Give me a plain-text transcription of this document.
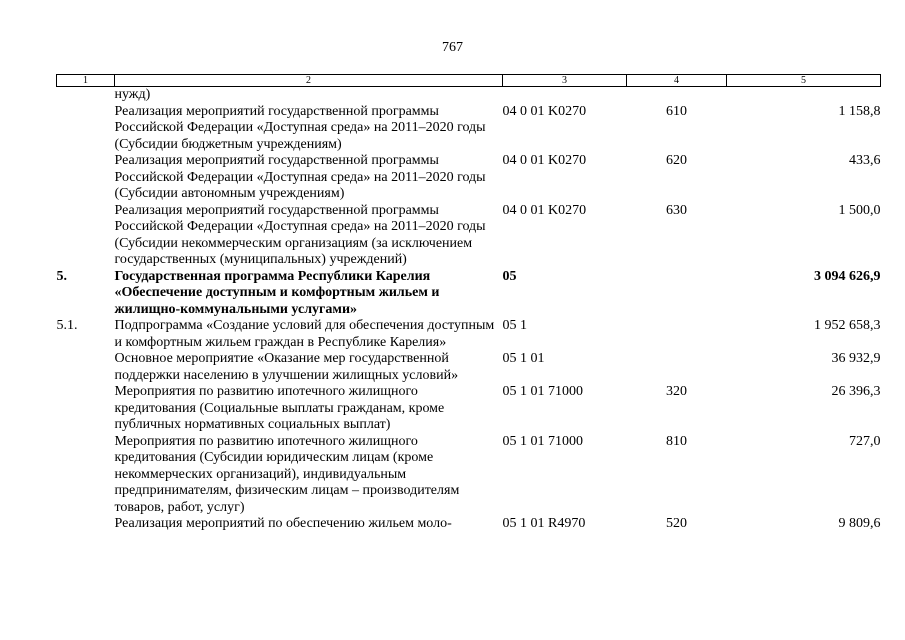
767
1	2	3	4	5
	нужд)			
	Реализация мероприятий государственной программы Российской Федерации «Доступная среда» на 2011–2020 годы (Субсидии бюджетным учреждениям)	04 0 01 K0270	610	1 158,8
	Реализация мероприятий государственной программы Российской Федерации «Доступная среда» на 2011–2020 годы (Субсидии автономным учреждениям)	04 0 01 K0270	620	433,6
	Реализация мероприятий государственной программы Российской Федерации «Доступная среда» на 2011–2020 годы (Субсидии некоммерческим организациям (за исключением государственных (муниципальных) учреждений)	04 0 01 K0270	630	1 500,0
5.	Государственная программа Республики Карелия «Обеспечение доступным и комфортным жильем и жилищно-коммунальными услугами»	05		3 094 626,9
5.1.	Подпрограмма «Создание условий для обеспечения доступным и комфортным жильем граждан в Республике Карелия»	05 1		1 952 658,3
	Основное мероприятие «Оказание мер государственной поддержки населению в улучшении жилищных условий»	05 1 01		36 932,9
	Мероприятия по развитию ипотечного жилищного кредитования (Социальные выплаты гражданам, кроме публичных нормативных социальных выплат)	05 1 01 71000	320	26 396,3
	Мероприятия по развитию ипотечного жилищного кредитования (Субсидии юридическим лицам (кроме некоммерческих организаций), индивидуальным предпринимателям, физическим лицам – производителям товаров, работ, услуг)	05 1 01 71000	810	727,0
	Реализация мероприятий по обеспечению жильем моло-	05 1 01 R4970	520	9 809,6
